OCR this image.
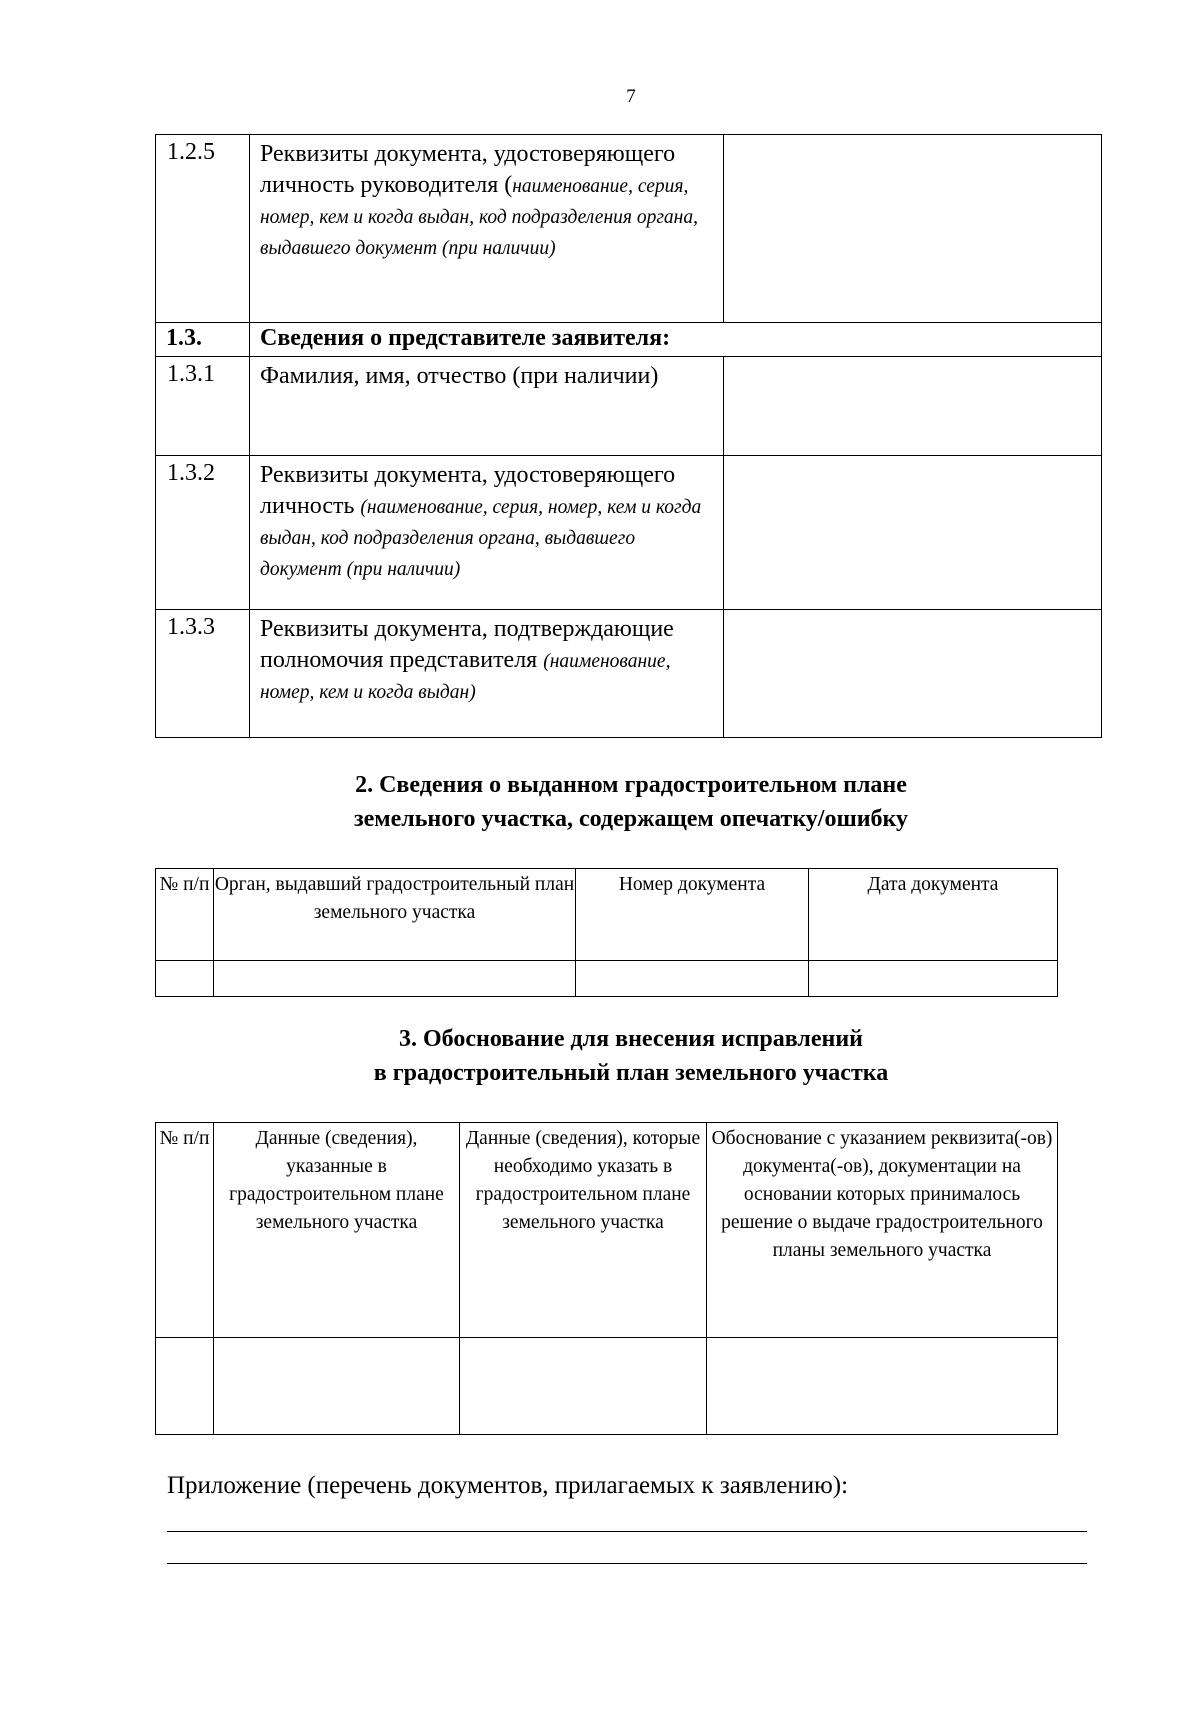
7
1.2.5	Реквизиты документа, удостоверяющего личность руководителя (наименование, серия, номер, кем и когда выдан, код подразделения органа, выдавшего документ (при наличии)	
1.3.	Сведения о представителе заявителя:	
1.3.1	Фамилия, имя, отчество (при наличии)	
1.3.2	Реквизиты документа, удостоверяющего личность (наименование, серия, номер, кем и когда выдан, код подразделения органа, выдавшего документ (при наличии)	
1.3.3	Реквизиты документа, подтверждающие полномочия представителя (наименование, номер, кем и когда выдан)	
2. Сведения о выданном градостроительном плане
земельного участка, содержащем опечатку/ошибку
№ п/п	Орган, выдавший градостроительный план земельного участка	Номер документа	Дата документа

3. Обоснование для внесения исправлений
в градостроительный план земельного участка
№ п/п	Данные (сведения), указанные в градостроительном плане земельного участка	Данные (сведения), которые необходимо указать в градостроительном плане земельного участка	Обоснование с указанием реквизита(-ов) документа(-ов), документации на основании которых принималось решение о выдаче градостроительного планы земельного участка

Приложение (перечень документов, прилагаемых к заявлению):
